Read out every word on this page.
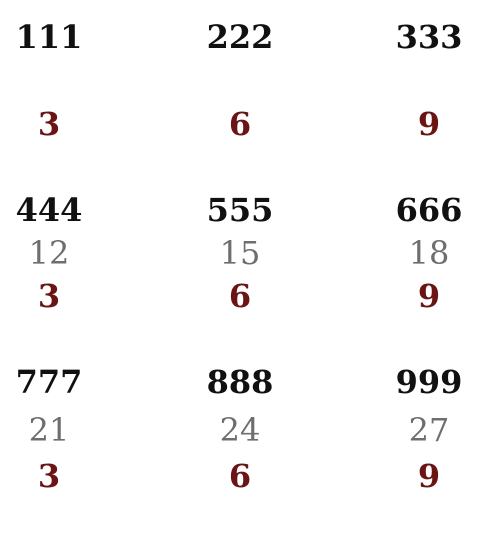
111	222	333
3	6	9
444	555	666
12	15	18
3	6	9
777	888	999
21	24	27
3	6	9
